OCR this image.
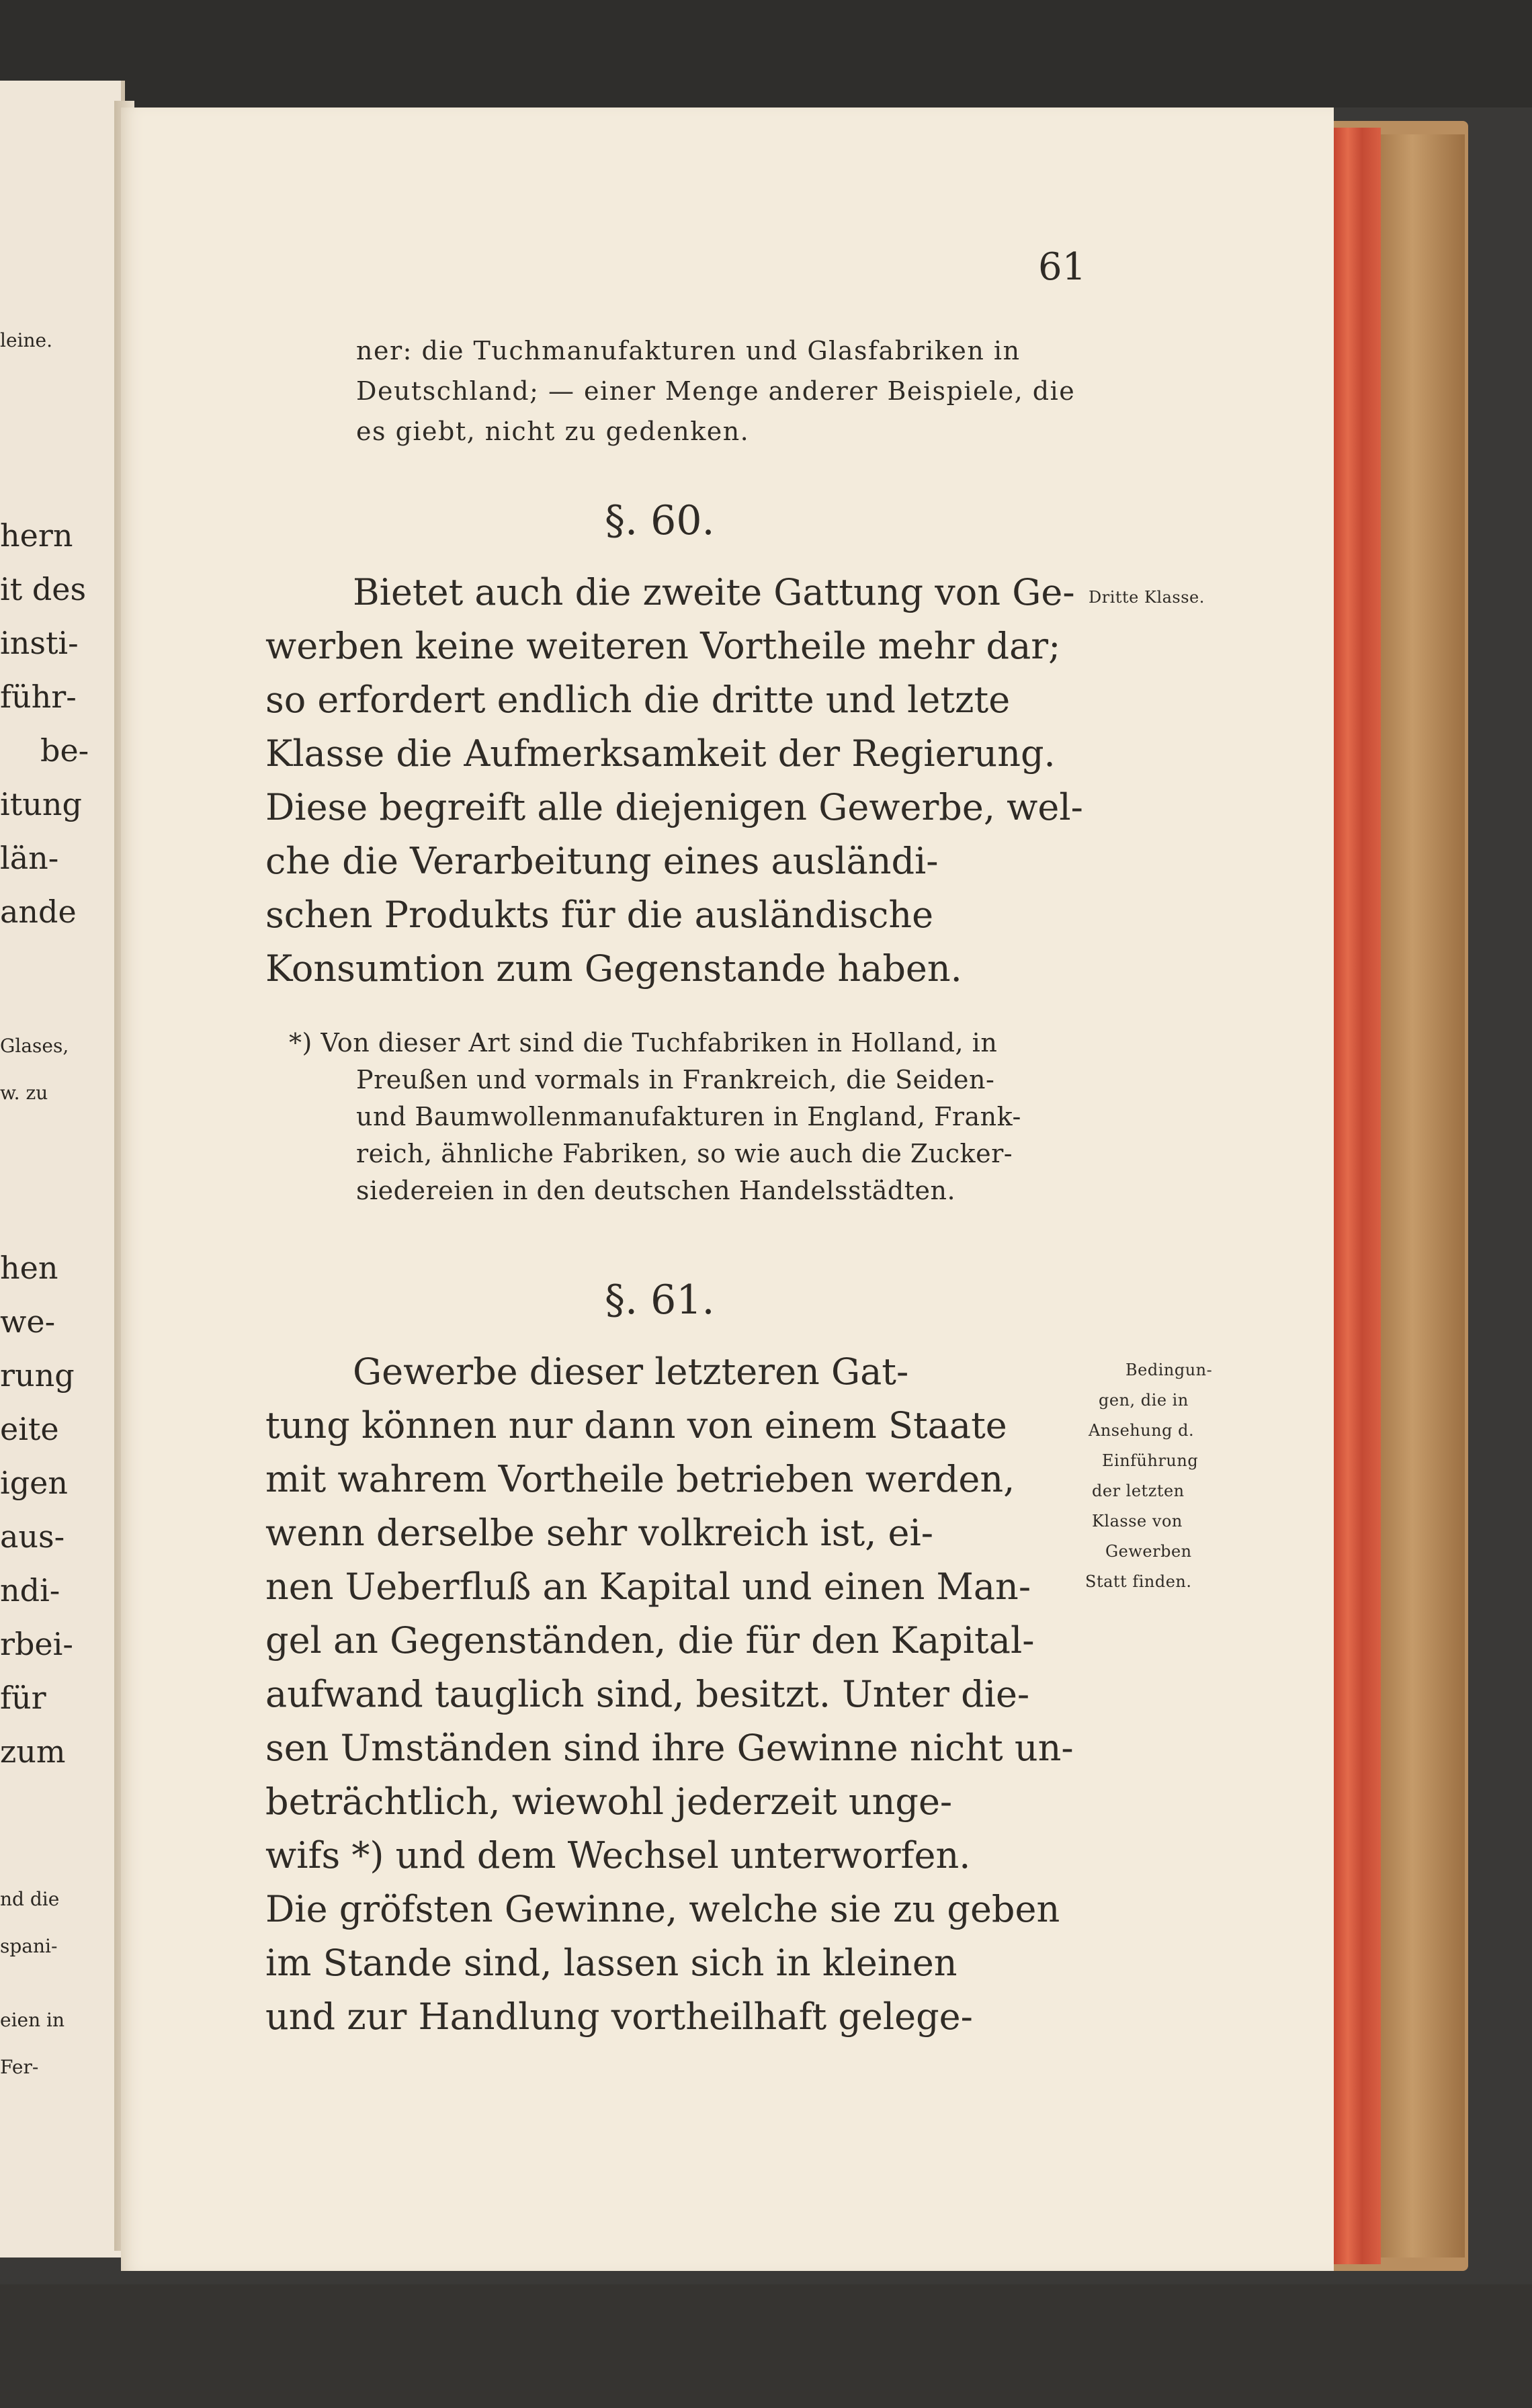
leine.

hern

it des

insti-

führ-

be-

itung

län-

ande

Glases,

w. zu

hen

we-

rung

eite

igen

aus-

ndi-

rbei-

für

zum

nd die

spani-

eien in

Fer-

61

ner: die Tuchmanufakturen und Glasfabriken in

Deutschland; — einer Menge anderer Beispiele, die

es giebt, nicht zu gedenken.

§. 60.

Bietet auch die zweite Gattung von Ge-

werben keine weiteren Vortheile mehr dar;

so erfordert endlich die dritte und letzte

Klasse die Aufmerksamkeit der Regierung.

Diese begreift alle diejenigen Gewerbe, wel-

che die Verarbeitung eines ausländi-

schen Produkts für die ausländische

Konsumtion zum Gegenstande haben.

Dritte Klasse.

*) Von dieser Art sind die Tuchfabriken in Holland, in

Preußen und vormals in Frankreich, die Seiden-

und Baumwollenmanufakturen in England, Frank-

reich, ähnliche Fabriken, so wie auch die Zucker-

siedereien in den deutschen Handelsstädten.

§. 61.

Gewerbe dieser letzteren Gat-

tung können nur dann von einem Staate

mit wahrem Vortheile betrieben werden,

wenn derselbe sehr volkreich ist, ei-

nen Ueberfluß an Kapital und einen Man-

gel an Gegenständen, die für den Kapital-

aufwand tauglich sind, besitzt. Unter die-

sen Umständen sind ihre Gewinne nicht un-

beträchtlich, wiewohl jederzeit unge-

wifs *) und dem Wechsel unterworfen.

Die gröfsten Gewinne, welche sie zu geben

im Stande sind, lassen sich in kleinen

und zur Handlung vortheilhaft gelege-

Bedingun-

gen, die in

Ansehung d.

Einführung

der letzten

Klasse von

Gewerben

Statt finden.
